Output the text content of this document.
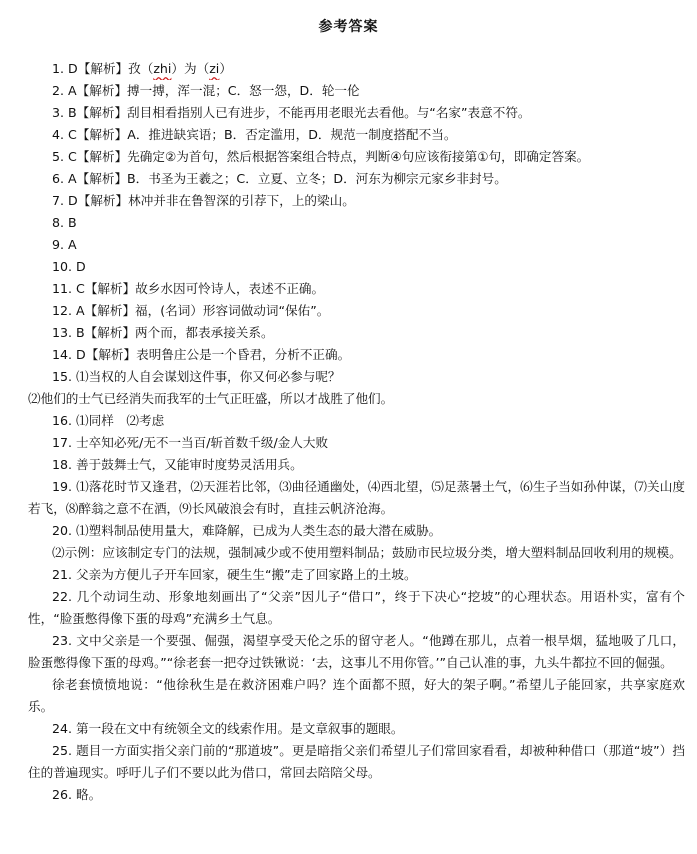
参考答案
1. D【解析】孜（zhi）为（zi）
2. A【解析】搏一搏，浑一混；C．怒一怨，D．轮一伦
3. B【解析】刮目相看指别人已有进步，不能再用老眼光去看他。与“名家”表意不符。
4. C【解析】A．推进缺宾语；B．否定滥用，D．规范一制度搭配不当。
5. C【解析】先确定②为首句，然后根据答案组合特点，判断④句应该衔接第①句，即确定答案。
6. A【解析】B．书圣为王羲之；C．立夏、立冬；D．河东为柳宗元家乡非封号。
7. D【解析】林冲并非在鲁智深的引荐下，上的梁山。
8. B
9. A
10. D
11. C【解析】故乡水因可怜诗人，表述不正确。
12. A【解析】福，(名词）形容词做动词“保佑”。
13. B【解析】两个而，都表承接关系。
14. D【解析】表明鲁庄公是一个昏君，分析不正确。
15. ⑴当权的人自会谋划这件事，你又何必参与呢？
⑵他们的士气已经消失而我军的士气正旺盛，所以才战胜了他们。
16. ⑴同样　⑵考虑
17. 士卒知必死/无不一当百/斩首数千级/金人大败
18. 善于鼓舞士气，又能审时度势灵活用兵。
19. ⑴落花时节又逢君，⑵天涯若比邻，⑶曲径通幽处，⑷西北望，⑸足蒸暑土气，⑹生子当如孙仲谋，⑺关山度若飞，⑻醉翁之意不在酒，⑼长风破浪会有时，直挂云帆济沧海。
20. ⑴塑料制品使用量大，难降解，已成为人类生态的最大潜在威胁。
⑵示例：应该制定专门的法规，强制减少或不使用塑料制品；鼓励市民垃圾分类，增大塑料制品回收利用的规模。
21. 父亲为方便儿子开车回家，硬生生“搬”走了回家路上的土坡。
22. 几个动词生动、形象地刻画出了“父亲”因儿子“借口”，终于下决心“挖坡”的心理状态。用语朴实，富有个性，“脸蛋憋得像下蛋的母鸡”充满乡土气息。
23. 文中父亲是一个要强、倔强，渴望享受天伦之乐的留守老人。“他蹲在那儿，点着一根旱烟，猛地吸了几口，脸蛋憋得像下蛋的母鸡。”“徐老套一把夺过铁锹说：‘去，这事儿不用你管。’”自己认准的事，九头牛都拉不回的倔强。
徐老套愤愤地说：“他徐秋生是在救济困难户吗？连个面都不照，好大的架子啊。”希望儿子能回家，共享家庭欢乐。
24. 第一段在文中有统领全文的线索作用。是文章叙事的题眼。
25. 题目一方面实指父亲门前的“那道坡”。更是暗指父亲们希望儿子们常回家看看，却被种种借口（那道“坡”）挡住的普遍现实。呼吁儿子们不要以此为借口，常回去陪陪父母。
26. 略。
